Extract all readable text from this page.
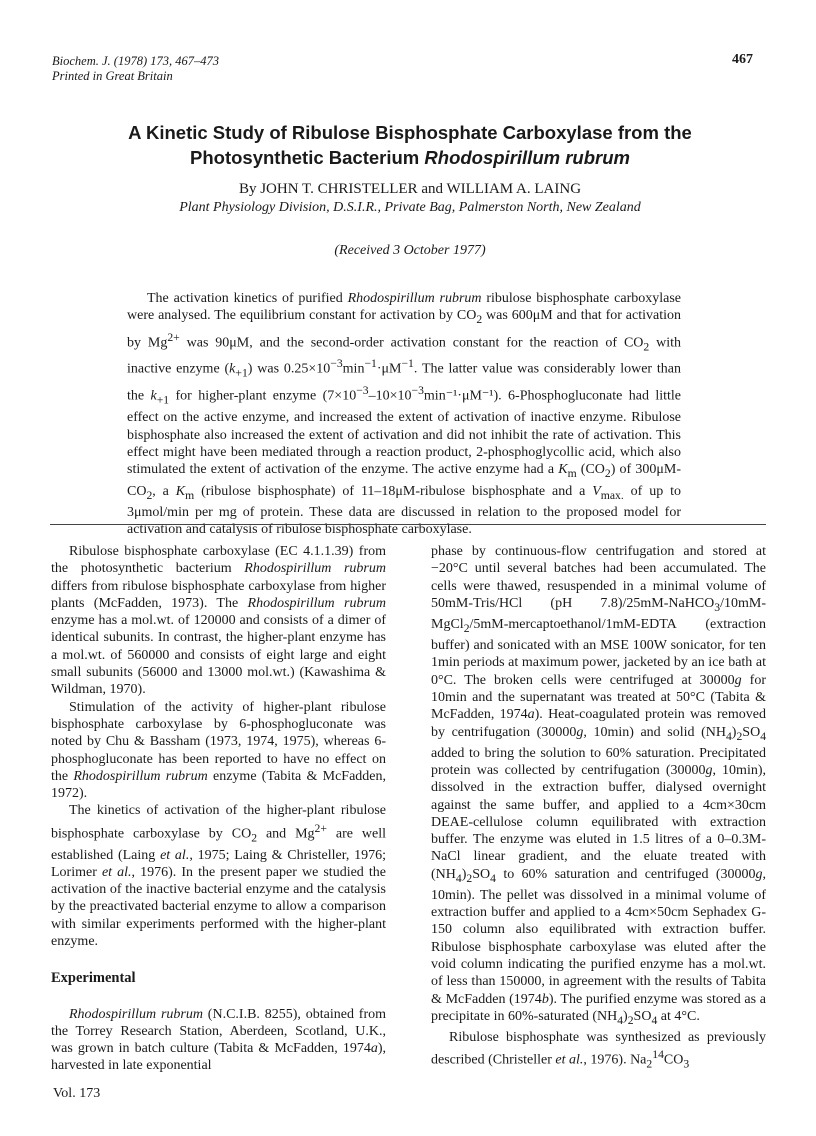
Biochem. J. (1978) 173, 467–473
Printed in Great Britain
467
A Kinetic Study of Ribulose Bisphosphate Carboxylase from the
Photosynthetic Bacterium Rhodospirillum rubrum
By JOHN T. CHRISTELLER and WILLIAM A. LAING
Plant Physiology Division, D.S.I.R., Private Bag, Palmerston North, New Zealand
(Received 3 October 1977)
The activation kinetics of purified Rhodospirillum rubrum ribulose bisphosphate carboxylase were analysed. The equilibrium constant for activation by $CO_2$ was 600μM and that for activation by $Mg^{2+}$ was 90μM, and the second-order activation constant for the reaction of $CO_2$ with inactive enzyme $(k_{+1})$ was $0.25\times 10^{-3}\min^{-1}\cdot\mu M^{-1}$. The latter value was considerably lower than the $k_{+1}$ for higher-plant enzyme $(7\times 10^{-3}-10\times 10^{-3}\min^{-1}\cdot\mu M^{-1})$. 6-Phosphogluconate had little effect on the active enzyme, and increased the extent of activation of inactive enzyme. Ribulose bisphosphate also increased the extent of activation and did not inhibit the rate of activation. This effect might have been mediated through a reaction product, 2-phosphoglycollic acid, which also stimulated the extent of activation of the enzyme. The active enzyme had a $K_m$ $(CO_2)$ of $300\mu M-CO_2$, a $K_m$ (ribulose bisphosphate) of 11–18μM-ribulose bisphosphate and a $V_{max.}$ of up to 3μmol/min per mg of protein. These data are discussed in relation to the proposed model for activation and catalysis of ribulose bisphosphate carboxylase.

Ribulose bisphosphate carboxylase (EC 4.1.1.39) from the photosynthetic bacterium Rhodospirillum rubrum differs from ribulose bisphosphate carboxylase from higher plants (McFadden, 1973). The Rhodospirillum rubrum enzyme has a mol.wt. of 120000 and consists of a dimer of identical subunits. In contrast, the higher-plant enzyme has a mol.wt. of 560000 and consists of eight large and eight small subunits (56000 and 13000 mol.wt.) (Kawashima & Wildman, 1970).

Stimulation of the activity of higher-plant ribulose bisphosphate carboxylase by 6-phosphogluconate was noted by Chu & Bassham (1973, 1974, 1975), whereas 6-phosphogluconate has been reported to have no effect on the Rhodospirillum rubrum enzyme (Tabita & McFadden, 1972).

The kinetics of activation of the higher-plant ribulose bisphosphate carboxylase by $CO_2$ and $Mg^{2+}$ are well established (Laing et al., 1975; Laing & Christeller, 1976; Lorimer et al., 1976). In the present paper we studied the activation of the inactive bacterial enzyme and the catalysis by the preactivated bacterial enzyme to allow a comparison with similar experiments performed with the higher-plant enzyme.

Experimental

Rhodospirillum rubrum (N.C.I.B. 8255), obtained from the Torrey Research Station, Aberdeen, Scotland, U.K., was grown in batch culture (Tabita & McFadden, 1974a), harvested in late exponential

phase by continuous-flow centrifugation and stored at −20°C until several batches had been accumulated. The cells were thawed, resuspended in a minimal volume of 50mM-Tris/HCl (pH 7.8)/25mM-NaHCO$_3$/10mM-MgCl$_2$/5mM-mercaptoethanol/1mM-EDTA (extraction buffer) and sonicated with an MSE 100W sonicator, for ten 1min periods at maximum power, jacketed by an ice bath at 0°C. The broken cells were centrifuged at 30000g for 10min and the supernatant was treated at 50°C (Tabita & McFadden, 1974a). Heat-coagulated protein was removed by centrifugation (30000g, 10min) and solid $(NH_4)_2SO_4$ added to bring the solution to 60% saturation. Precipitated protein was collected by centrifugation (30000g, 10min), dissolved in the extraction buffer, dialysed overnight against the same buffer, and applied to a 4cm×30cm DEAE-cellulose column equilibrated with extraction buffer. The enzyme was eluted in 1.5 litres of a 0–0.3M-NaCl linear gradient, and the eluate treated with $(NH_4)_2SO_4$ to 60% saturation and centrifuged (30000g, 10min). The pellet was dissolved in a minimal volume of extraction buffer and applied to a 4cm×50cm Sephadex G-150 column also equilibrated with extraction buffer. Ribulose bisphosphate carboxylase was eluted after the void column indicating the purified enzyme has a mol.wt. of less than 150000, in agreement with the results of Tabita & McFadden (1974b). The purified enzyme was stored as a precipitate in 60%-saturated $(NH_4)_2SO_4$ at 4°C.

Ribulose bisphosphate was synthesized as previously described (Christeller et al., 1976). $Na_2^{14}CO_3$

Vol. 173
